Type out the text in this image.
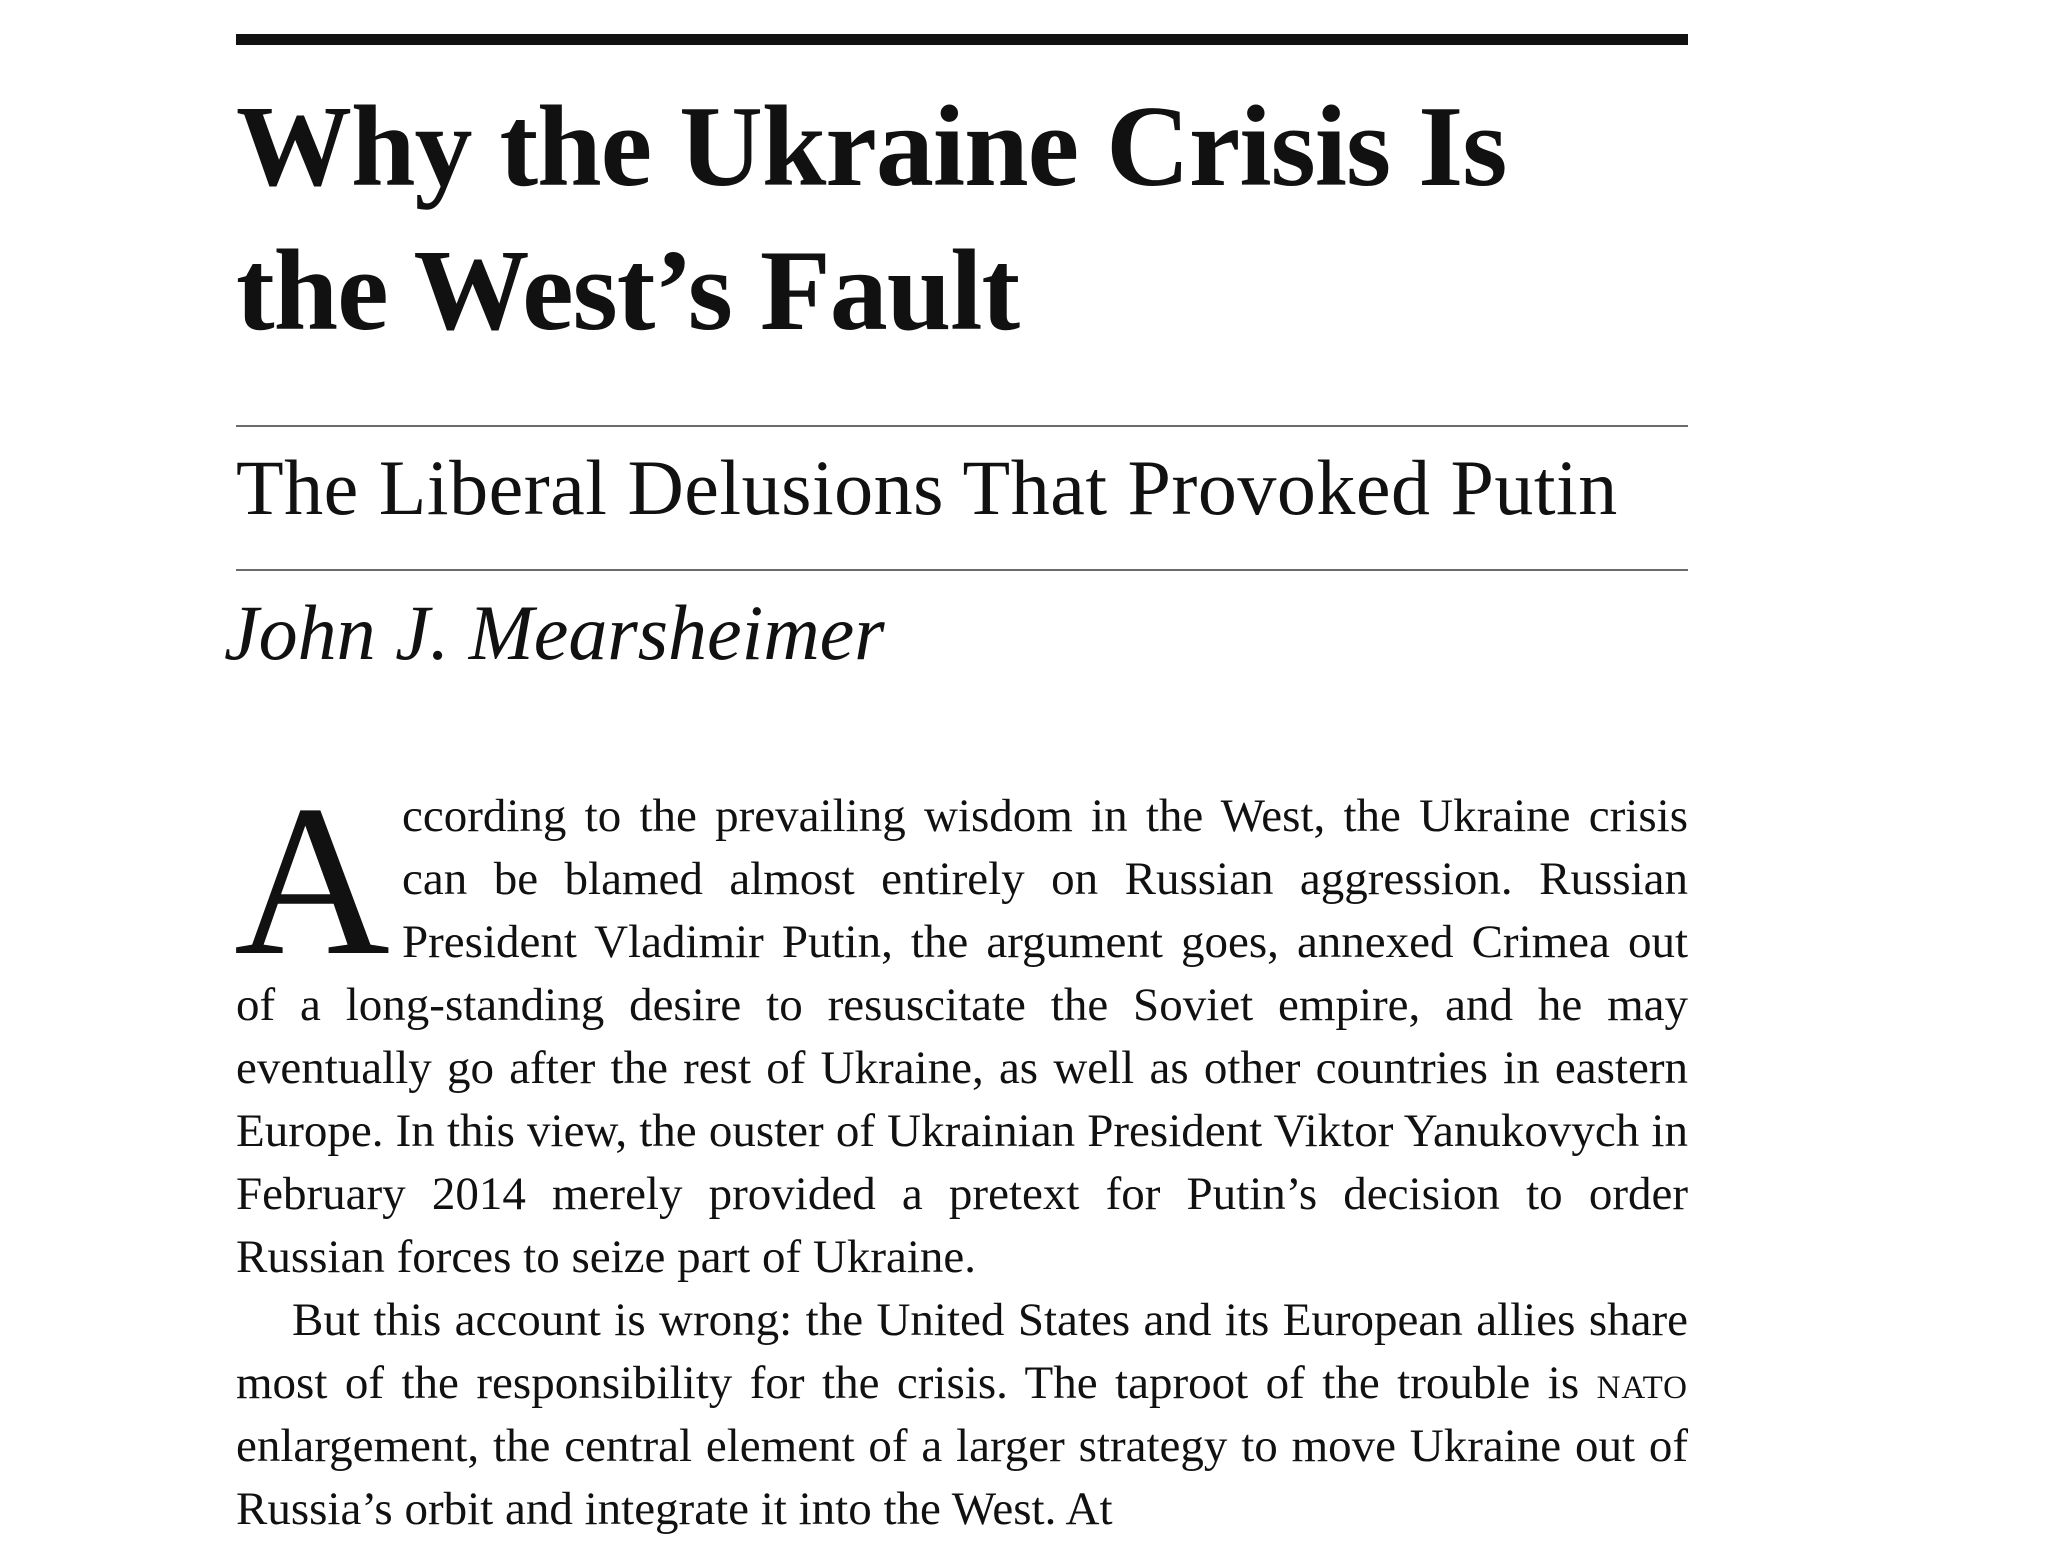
Why the Ukraine Crisis Is
the West’s Fault
The Liberal Delusions That Provoked Putin
John J. Mearsheimer

According to the prevailing wisdom in the West, the Ukraine crisis can be blamed almost entirely on Russian aggression. Russian President Vladimir Putin, the argument goes, annexed Crimea out of a long-standing desire to resuscitate the Soviet empire, and he may eventually go after the rest of Ukraine, as well as other countries in eastern Europe. In this view, the ouster of Ukrainian President Viktor Yanukovych in February 2014 merely provided a pretext for Putin’s decision to order Russian forces to seize part of Ukraine.

But this account is wrong: the United States and its European allies share most of the responsibility for the crisis. The taproot of the trouble is nato enlargement, the central element of a larger strategy to move Ukraine out of Russia’s orbit and integrate it into the West. At
